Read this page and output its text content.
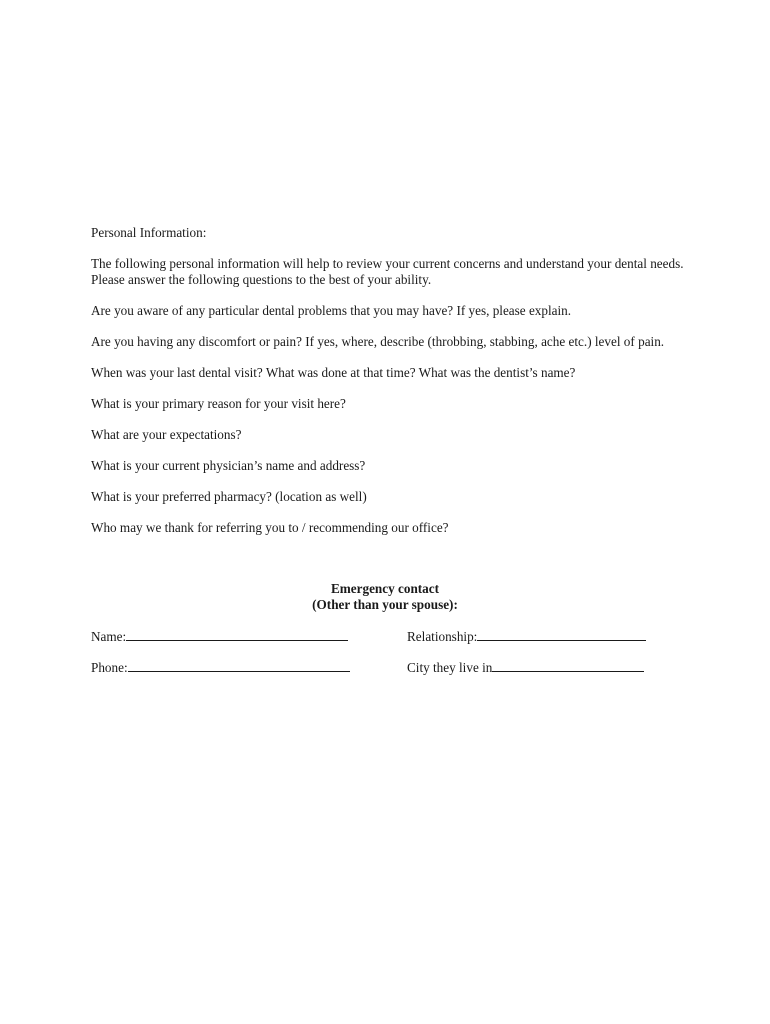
Personal Information:

The following personal information will help to review your current concerns and understand your dental needs. Please answer the following questions to the best of your ability.

Are you aware of any particular dental problems that you may have? If yes, please explain.

Are you having any discomfort or pain? If yes, where, describe (throbbing, stabbing, ache etc.) level of pain.

When was your last dental visit? What was done at that time? What was the dentist’s name?

What is your primary reason for your visit here?

What are your expectations?

What is your current physician’s name and address?

What is your preferred pharmacy? (location as well)

Who may we thank for referring you to / recommending our office?

Emergency contact
(Other than your spouse):
Name:	Relationship:
Phone:	City they live in
